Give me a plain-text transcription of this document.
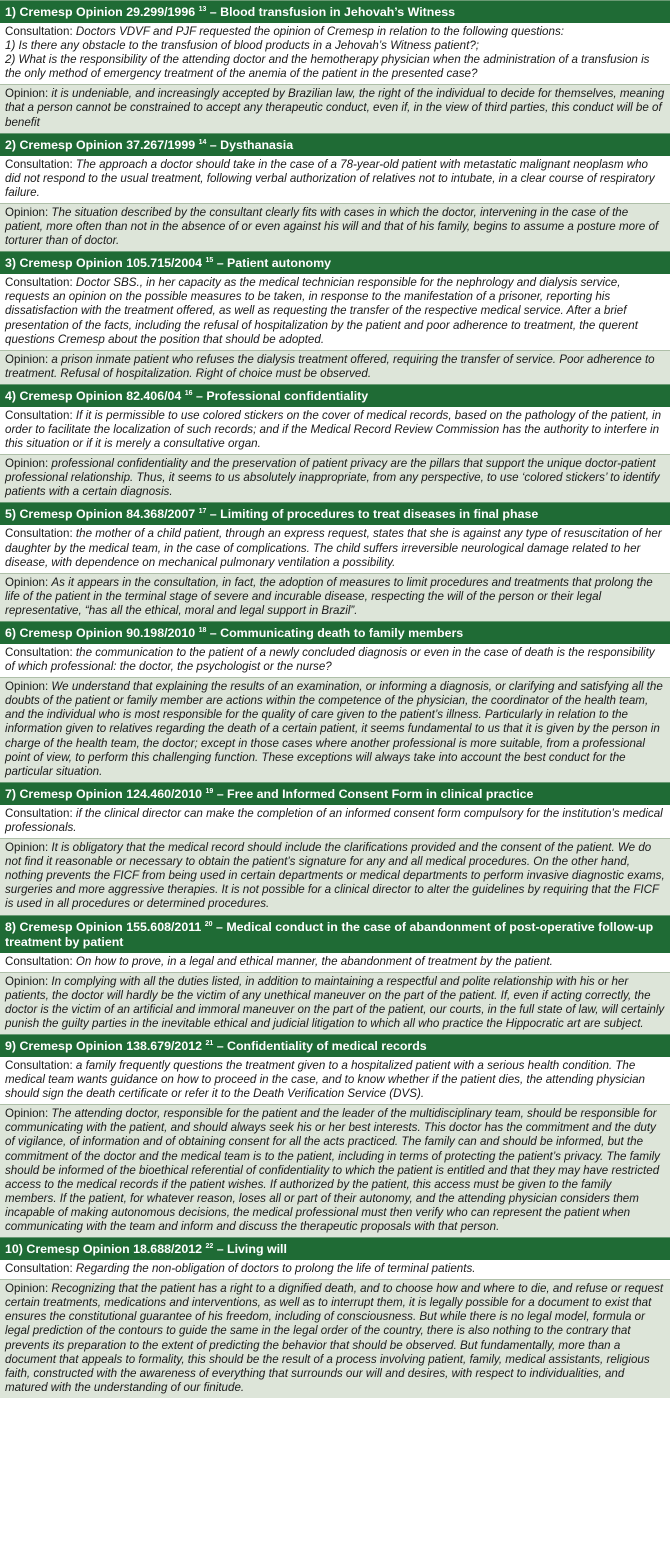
1) Cremesp Opinion 29.299/1996 $^{13}$ – Blood transfusion in Jehovah’s Witness
Consultation: Doctors VDVF and PJF requested the opinion of Cremesp in relation to the following questions:
1) Is there any obstacle to the transfusion of blood products in a Jehovah’s Witness patient?;
2) What is the responsibility of the attending doctor and the hemotherapy physician when the administration of a transfusion is the only method of emergency treatment of the anemia of the patient in the presented case?
Opinion: it is undeniable, and increasingly accepted by Brazilian law, the right of the individual to decide for themselves, meaning that a person cannot be constrained to accept any therapeutic conduct, even if, in the view of third parties, this conduct will be of benefit
2) Cremesp Opinion 37.267/1999 $^{14}$ – Dysthanasia
Consultation: The approach a doctor should take in the case of a 78-year-old patient with metastatic malignant neoplasm who did not respond to the usual treatment, following verbal authorization of relatives not to intubate, in a clear course of respiratory failure.
Opinion: The situation described by the consultant clearly fits with cases in which the doctor, intervening in the case of the patient, more often than not in the absence of or even against his will and that of his family, begins to assume a posture more of torturer than of doctor.
3) Cremesp Opinion 105.715/2004 $^{15}$ – Patient autonomy
Consultation: Doctor SBS., in her capacity as the medical technician responsible for the nephrology and dialysis service, requests an opinion on the possible measures to be taken, in response to the manifestation of a prisoner, reporting his dissatisfaction with the treatment offered, as well as requesting the transfer of the respective medical service. After a brief presentation of the facts, including the refusal of hospitalization by the patient and poor adherence to treatment, the querent questions Cremesp about the position that should be adopted.
Opinion: a prison inmate patient who refuses the dialysis treatment offered, requiring the transfer of service. Poor adherence to treatment. Refusal of hospitalization. Right of choice must be observed.
4) Cremesp Opinion 82.406/04 $^{16}$ – Professional confidentiality
Consultation: If it is permissible to use colored stickers on the cover of medical records, based on the pathology of the patient, in order to facilitate the localization of such records; and if the Medical Record Review Commission has the authority to interfere in this situation or if it is merely a consultative organ.
Opinion: professional confidentiality and the preservation of patient privacy are the pillars that support the unique doctor-patient professional relationship. Thus, it seems to us absolutely inappropriate, from any perspective, to use ‘colored stickers’ to identify patients with a certain diagnosis.
5) Cremesp Opinion 84.368/2007 $^{17}$ – Limiting of procedures to treat diseases in final phase
Consultation: the mother of a child patient, through an express request, states that she is against any type of resuscitation of her daughter by the medical team, in the case of complications. The child suffers irreversible neurological damage related to her disease, with dependence on mechanical pulmonary ventilation a possibility.
Opinion: As it appears in the consultation, in fact, the adoption of measures to limit procedures and treatments that prolong the life of the patient in the terminal stage of severe and incurable disease, respecting the will of the person or their legal representative, “has all the ethical, moral and legal support in Brazil”.
6) Cremesp Opinion 90.198/2010 $^{18}$ – Communicating death to family members
Consultation: the communication to the patient of a newly concluded diagnosis or even in the case of death is the responsibility of which professional: the doctor, the psychologist or the nurse?
Opinion: We understand that explaining the results of an examination, or informing a diagnosis, or clarifying and satisfying all the doubts of the patient or family member are actions within the competence of the physician, the coordinator of the health team, and the individual who is most responsible for the quality of care given to the patient’s illness. Particularly in relation to the information given to relatives regarding the death of a certain patient, it seems fundamental to us that it is given by the person in charge of the health team, the doctor; except in those cases where another professional is more suitable, from a professional point of view, to perform this challenging function. These exceptions will always take into account the best conduct for the particular situation.
7) Cremesp Opinion 124.460/2010 $^{19}$ – Free and Informed Consent Form in clinical practice
Consultation: if the clinical director can make the completion of an informed consent form compulsory for the institution’s medical professionals.
Opinion: It is obligatory that the medical record should include the clarifications provided and the consent of the patient. We do not find it reasonable or necessary to obtain the patient’s signature for any and all medical procedures. On the other hand, nothing prevents the FICF from being used in certain departments or medical departments to perform invasive diagnostic exams, surgeries and more aggressive therapies. It is not possible for a clinical director to alter the guidelines by requiring that the FICF is used in all procedures or determined procedures.
8) Cremesp Opinion 155.608/2011 $^{20}$ – Medical conduct in the case of abandonment of post-operative follow-up treatment by patient
Consultation: On how to prove, in a legal and ethical manner, the abandonment of treatment by the patient.
Opinion: In complying with all the duties listed, in addition to maintaining a respectful and polite relationship with his or her patients, the doctor will hardly be the victim of any unethical maneuver on the part of the patient. If, even if acting correctly, the doctor is the victim of an artificial and immoral maneuver on the part of the patient, our courts, in the full state of law, will certainly punish the guilty parties in the inevitable ethical and judicial litigation to which all who practice the Hippocratic art are subject.
9) Cremesp Opinion 138.679/2012 $^{21}$ – Confidentiality of medical records
Consultation: a family frequently questions the treatment given to a hospitalized patient with a serious health condition. The medical team wants guidance on how to proceed in the case, and to know whether if the patient dies, the attending physician should sign the death certificate or refer it to the Death Verification Service (DVS).
Opinion: The attending doctor, responsible for the patient and the leader of the multidisciplinary team, should be responsible for communicating with the patient, and should always seek his or her best interests. This doctor has the commitment and the duty of vigilance, of information and of obtaining consent for all the acts practiced. The family can and should be informed, but the commitment of the doctor and the medical team is to the patient, including in terms of protecting the patient’s privacy. The family should be informed of the bioethical referential of confidentiality to which the patient is entitled and that they may have restricted access to the medical records if the patient wishes. If authorized by the patient, this access must be given to the family members. If the patient, for whatever reason, loses all or part of their autonomy, and the attending physician considers them incapable of making autonomous decisions, the medical professional must then verify who can represent the patient when communicating with the team and inform and discuss the therapeutic proposals with that person.
10) Cremesp Opinion 18.688/2012 $^{22}$ – Living will
Consultation: Regarding the non-obligation of doctors to prolong the life of terminal patients.
Opinion: Recognizing that the patient has a right to a dignified death, and to choose how and where to die, and refuse or request certain treatments, medications and interventions, as well as to interrupt them, it is legally possible for a document to exist that ensures the constitutional guarantee of his freedom, including of consciousness. But while there is no legal model, formula or legal prediction of the contours to guide the same in the legal order of the country, there is also nothing to the contrary that prevents its preparation to the extent of predicting the behavior that should be observed. But fundamentally, more than a document that appeals to formality, this should be the result of a process involving patient, family, medical assistants, religious faith, constructed with the awareness of everything that surrounds our will and desires, with respect to individualities, and matured with the understanding of our finitude.
